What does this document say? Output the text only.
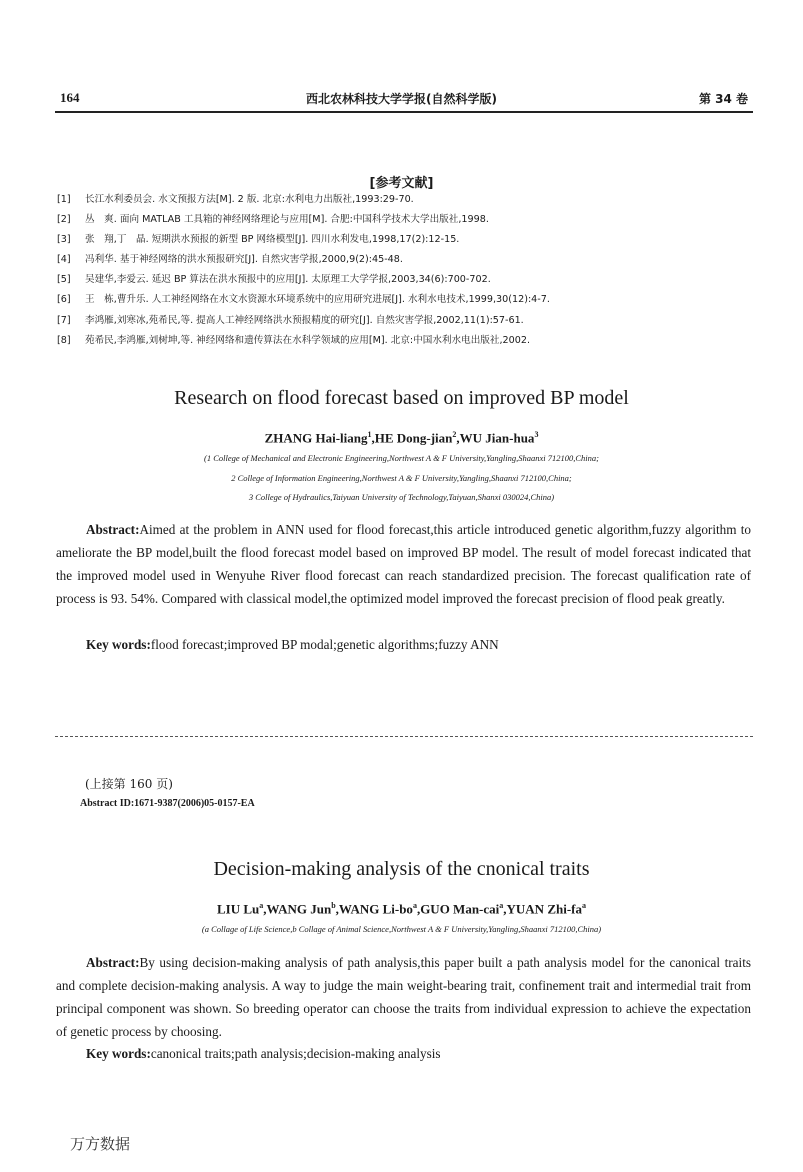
164	西北农林科技大学学报(自然科学版)	第 34 卷
[参考文献]
[1] 长江水利委员会. 水文预报方法[M]. 2 版. 北京:水利电力出版社,1993:29-70.
[2] 丛　爽. 面向 MATLAB 工具箱的神经网络理论与应用[M]. 合肥:中国科学技术大学出版社,1998.
[3] 张　翔,丁　晶. 短期洪水预报的新型 BP 网络模型[J]. 四川水利发电,1998,17(2):12-15.
[4] 冯利华. 基于神经网络的洪水预报研究[J]. 自然灾害学报,2000,9(2):45-48.
[5] 吴建华,李爱云. 延迟 BP 算法在洪水预报中的应用[J]. 太原理工大学学报,2003,34(6):700-702.
[6] 王　栋,曹升乐. 人工神经网络在水文水资源水环境系统中的应用研究进展[J]. 水利水电技术,1999,30(12):4-7.
[7] 李鸿雁,刘寒冰,苑希民,等. 提高人工神经网络洪水预报精度的研究[J]. 自然灾害学报,2002,11(1):57-61.
[8] 苑希民,李鸿雁,刘树坤,等. 神经网络和遗传算法在水科学领域的应用[M]. 北京:中国水利水电出版社,2002.
Research on flood forecast based on improved BP model
ZHANG Hai-liang$^1$,HE Dong-jian$^2$,WU Jian-hua$^3$
(1 College of Mechanical and Electronic Engineering,Northwest A & F University,Yangling,Shaanxi 712100,China;
2 College of Information Engineering,Northwest A & F University,Yangling,Shaanxi 712100,China;
3 College of Hydraulics,Taiyuan University of Technology,Taiyuan,Shanxi 030024,China)

Abstract:Aimed at the problem in ANN used for flood forecast,this article introduced genetic algorithm,fuzzy algorithm to ameliorate the BP model,built the flood forecast model based on improved BP model. The result of model forecast indicated that the improved model used in Wenyuhe River flood forecast can reach standardized precision. The forecast qualification rate of process is 93. 54%. Compared with classical model,the optimized model improved the forecast precision of flood peak greatly.

Key words:flood forecast;improved BP modal;genetic algorithms;fuzzy ANN
(上接第 160 页)
Abstract ID:1671-9387(2006)05-0157-EA
Decision-making analysis of the cnonical traits
LIU Lu$^a$,WANG Jun$^b$,WANG $Li-bo^a,GUO$ Man-cai$^a$,YUAN Zhi-$fa^a$
(a Collage of Life Science,b Collage of Animal Science,Northwest A & F University,Yangling,Shaanxi 712100,China)

Abstract:By using decision-making analysis of path analysis,this paper built a path analysis model for the canonical traits and complete decision-making analysis. A way to judge the main weight-bearing trait, confinement trait and intermedial trait from principal component was shown. So breeding operator can choose the traits from individual expression to achieve the expectation of genetic process by choosing.

Key words:canonical traits;path analysis;decision-making analysis
万方数据
